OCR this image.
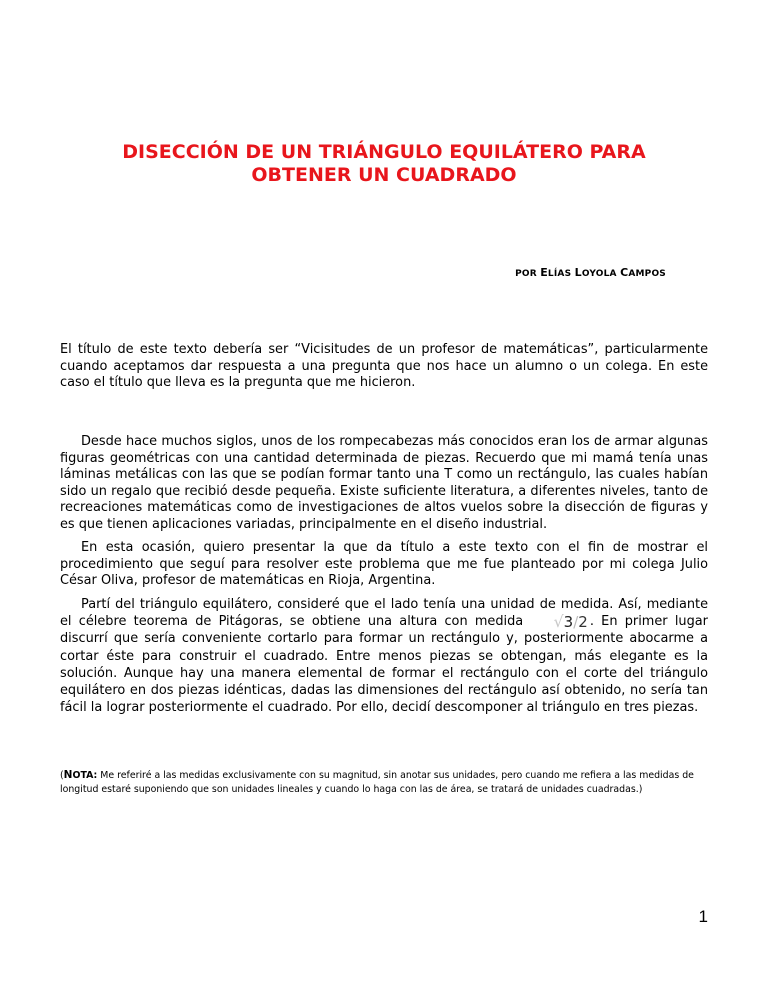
DISECCIÓN DE UN TRIÁNGULO EQUILÁTERO PARA
OBTENER UN CUADRADO
POR ELÍAS LOYOLA CAMPOS

El título de este texto debería ser “Vicisitudes de un profesor de matemáticas”, particularmente cuando aceptamos dar respuesta a una pregunta que nos hace un alumno o un colega. En este caso el título que lleva es la pregunta que me hicieron.

Desde hace muchos siglos, unos de los rompecabezas más conocidos eran los de armar algunas figuras geométricas con una cantidad determinada de piezas. Recuerdo que mi mamá tenía unas láminas metálicas con las que se podían formar tanto una T como un rectángulo, las cuales habían sido un regalo que recibió desde pequeña. Existe suficiente literatura, a diferentes niveles, tanto de recreaciones matemáticas como de investigaciones de altos vuelos sobre la disección de figuras y es que tienen aplicaciones variadas, principalmente en el diseño industrial.

En esta ocasión, quiero presentar la que da título a este texto con el fin de mostrar el procedimiento que seguí para resolver este problema que me fue planteado por mi colega Julio César Oliva, profesor de matemáticas en Rioja, Argentina.

Partí del triángulo equilátero, consideré que el lado tenía una unidad de medida. Así, mediante el célebre teorema de Pitágoras, se obtiene una altura con medida √3/2 . En primer lugar discurrí que sería conveniente cortarlo para formar un rectángulo y, posteriormente abocarme a cortar éste para construir el cuadrado. Entre menos piezas se obtengan, más elegante es la solución. Aunque hay una manera elemental de formar el rectángulo con el corte del triángulo equilátero en dos piezas idénticas, dadas las dimensiones del rectángulo así obtenido, no sería tan fácil la lograr posteriormente el cuadrado. Por ello, decidí descomponer al triángulo en tres piezas.

(NOTA: Me referiré a las medidas exclusivamente con su magnitud, sin anotar sus unidades, pero cuando me refiera a las medidas de longitud estaré suponiendo que son unidades lineales y cuando lo haga con las de área, se tratará de unidades cuadradas.)

1
